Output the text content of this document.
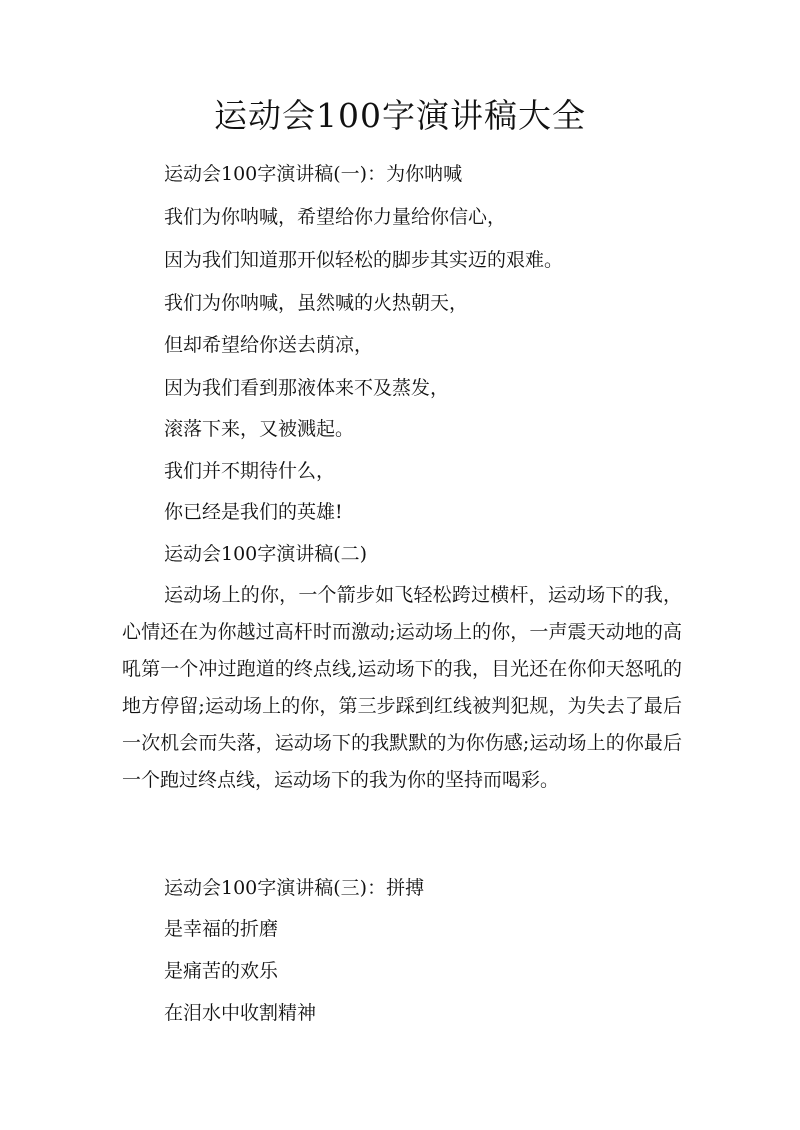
运动会100字演讲稿大全
运动会100字演讲稿(一)：为你呐喊
我们为你呐喊，希望给你力量给你信心，
因为我们知道那开似轻松的脚步其实迈的艰难。
我们为你呐喊，虽然喊的火热朝天，
但却希望给你送去荫凉，
因为我们看到那液体来不及蒸发，
滚落下来，又被溅起。
我们并不期待什么，
你已经是我们的英雄!
运动会100字演讲稿(二)
运动场上的你，一个箭步如飞轻松跨过横杆，运动场下的我，心情还在为你越过高杆时而激动;运动场上的你，一声震天动地的高吼第一个冲过跑道的终点线,运动场下的我，目光还在你仰天怒吼的地方停留;运动场上的你，第三步踩到红线被判犯规，为失去了最后一次机会而失落，运动场下的我默默的为你伤感;运动场上的你最后一个跑过终点线，运动场下的我为你的坚持而喝彩。
运动会100字演讲稿(三)：拼搏
是幸福的折磨
是痛苦的欢乐
在泪水中收割精神
